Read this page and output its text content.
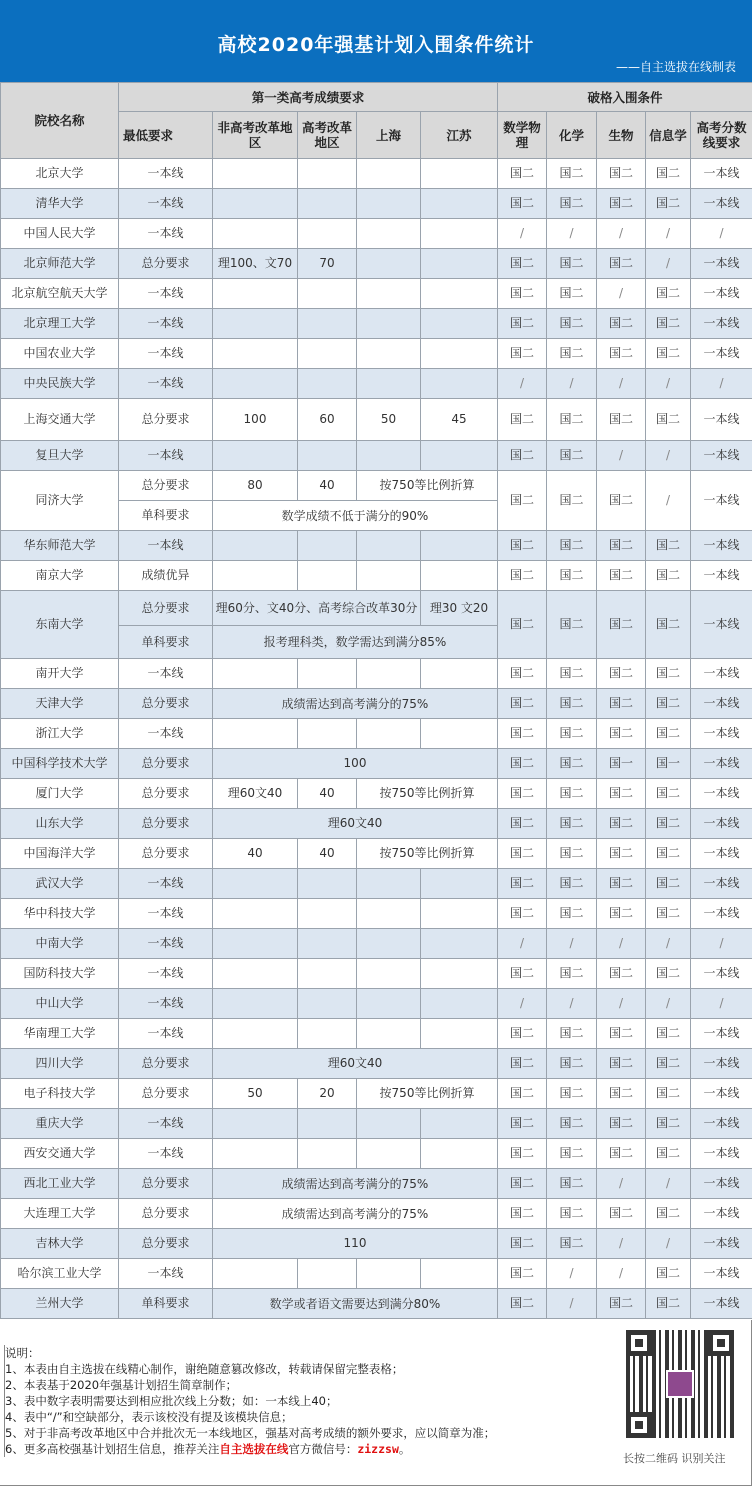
高校2020年强基计划入围条件统计
——自主选拔在线制表
院校名称	第一类高考成绩要求					破格入围条件				
	最低要求	非高考改革地区	高考改革地区	上海	江苏	数学物理	化学	生物	信息学	高考分数线要求
北京大学	一本线					国二	国二	国二	国二	一本线
清华大学	一本线					国二	国二	国二	国二	一本线
中国人民大学	一本线					/	/	/	/	/
北京师范大学	总分要求	理100、文70	70			国二	国二	国二	/	一本线
北京航空航天大学	一本线					国二	国二	/	国二	一本线
北京理工大学	一本线					国二	国二	国二	国二	一本线
中国农业大学	一本线					国二	国二	国二	国二	一本线
中央民族大学	一本线					/	/	/	/	/
上海交通大学	总分要求	100	60	50	45	国二	国二	国二	国二	一本线
复旦大学	一本线					国二	国二	/	/	一本线
同济大学	总分要求	80	40	按750等比例折算		国二	国二	国二	/	一本线
	单科要求	数学成绩不低于满分的90%								
华东师范大学	一本线					国二	国二	国二	国二	一本线
南京大学	成绩优异					国二	国二	国二	国二	一本线
东南大学	总分要求	理60分、文40分、高考综合改革30分			理30 文20	国二	国二	国二	国二	一本线
	单科要求	报考理科类，数学需达到满分85%								
南开大学	一本线					国二	国二	国二	国二	一本线
天津大学	总分要求	成绩需达到高考满分的75%				国二	国二	国二	国二	一本线
浙江大学	一本线					国二	国二	国二	国二	一本线
中国科学技术大学	总分要求	100				国二	国二	国一	国一	一本线
厦门大学	总分要求	理60文40	40	按750等比例折算		国二	国二	国二	国二	一本线
山东大学	总分要求	理60文40				国二	国二	国二	国二	一本线
中国海洋大学	总分要求	40	40	按750等比例折算		国二	国二	国二	国二	一本线
武汉大学	一本线					国二	国二	国二	国二	一本线
华中科技大学	一本线					国二	国二	国二	国二	一本线
中南大学	一本线					/	/	/	/	/
国防科技大学	一本线					国二	国二	国二	国二	一本线
中山大学	一本线					/	/	/	/	/
华南理工大学	一本线					国二	国二	国二	国二	一本线
四川大学	总分要求	理60文40				国二	国二	国二	国二	一本线
电子科技大学	总分要求	50	20	按750等比例折算		国二	国二	国二	国二	一本线
重庆大学	一本线					国二	国二	国二	国二	一本线
西安交通大学	一本线					国二	国二	国二	国二	一本线
西北工业大学	总分要求	成绩需达到高考满分的75%				国二	国二	/	/	一本线
大连理工大学	总分要求	成绩需达到高考满分的75%				国二	国二	国二	国二	一本线
吉林大学	总分要求	110				国二	国二	/	/	一本线
哈尔滨工业大学	一本线					国二	/	/	国二	一本线
兰州大学	单科要求	数学或者语文需要达到满分80%				国二	/	国二	国二	一本线
说明：
1、本表由自主选拔在线精心制作，谢绝随意篡改修改，转载请保留完整表格；
2、本表基于2020年强基计划招生简章制作；
3、表中数字表明需要达到相应批次线上分数；如：一本线上40；
4、表中“/”和空缺部分，表示该校没有提及该模块信息；
5、对于非高考改革地区中合并批次无一本线地区，强基对高考成绩的额外要求，应以简章为准；
6、更多高校强基计划招生信息，推荐关注自主选拔在线官方微信号：zizzsw。
长按二维码 识别关注
